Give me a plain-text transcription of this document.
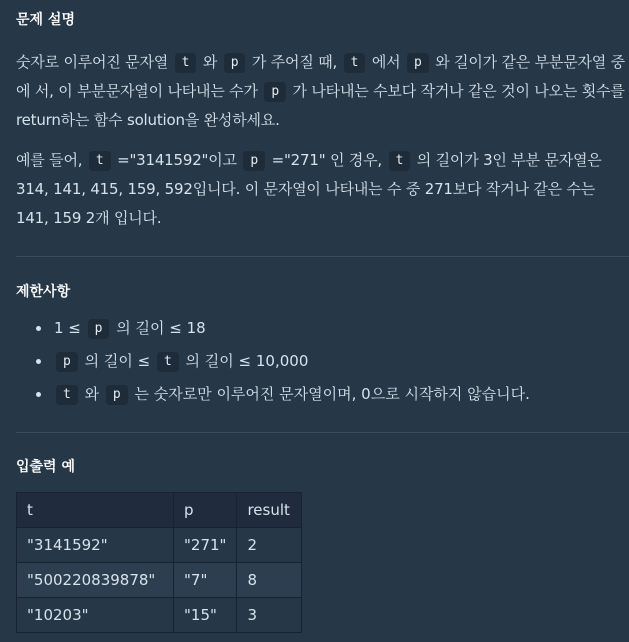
문제 설명

숫자로 이루어진 문자열 t 와 p 가 주어질 때, t 에서 p 와 길이가 같은 부분문자열 중에 서, 이 부분문자열이 나타내는 수가 p 가 나타내는 수보다 작거나 같은 것이 나오는 횟수를 return하는 함수 solution을 완성하세요.

예를 들어, t ="3141592"이고 p ="271" 인 경우, t 의 길이가 3인 부분 문자열은 314, 141, 415, 159, 592입니다. 이 문자열이 나타내는 수 중 271보다 작거나 같은 수는 141, 159 2개 입니다.

제한사항
1 ≤ p 의 길이 ≤ 18
p 의 길이 ≤ t 의 길이 ≤ 10,000
t 와 p 는 숫자로만 이루어진 문자열이며, 0으로 시작하지 않습니다.
입출력 예
t	p	result
"3141592"	"271"	2
"500220839878"	"7"	8
"10203"	"15"	3
